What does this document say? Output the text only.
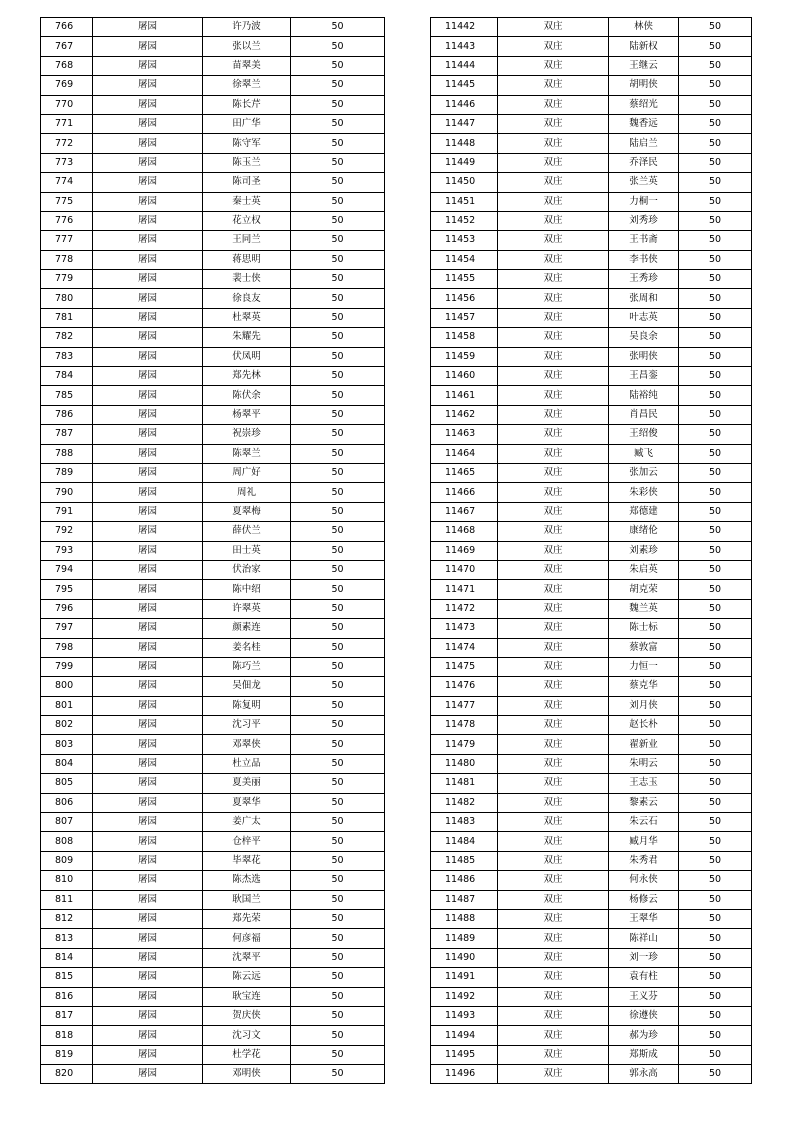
766	屠园	许乃波	50
767	屠园	张以兰	50
768	屠园	苗翠美	50
769	屠园	徐翠兰	50
770	屠园	陈长芹	50
771	屠园	田广华	50
772	屠园	陈守军	50
773	屠园	陈玉兰	50
774	屠园	陈司圣	50
775	屠园	秦士英	50
776	屠园	花立权	50
777	屠园	王同兰	50
778	屠园	蒋思明	50
779	屠园	裴士侠	50
780	屠园	徐良友	50
781	屠园	杜翠英	50
782	屠园	朱耀先	50
783	屠园	伏凤明	50
784	屠园	郑先林	50
785	屠园	陈伏余	50
786	屠园	杨翠平	50
787	屠园	祝崇珍	50
788	屠园	陈翠兰	50
789	屠园	周广好	50
790	屠园	周礼	50
791	屠园	夏翠梅	50
792	屠园	薛伏兰	50
793	屠园	田士英	50
794	屠园	伏治家	50
795	屠园	陈中绍	50
796	屠园	许翠英	50
797	屠园	颜素连	50
798	屠园	姜名桂	50
799	屠园	陈巧兰	50
800	屠园	吴佃龙	50
801	屠园	陈复明	50
802	屠园	沈习平	50
803	屠园	邓翠侠	50
804	屠园	杜立品	50
805	屠园	夏美丽	50
806	屠园	夏翠华	50
807	屠园	姜广太	50
808	屠园	仓梓平	50
809	屠园	毕翠花	50
810	屠园	陈杰选	50
811	屠园	耿国兰	50
812	屠园	郑先荣	50
813	屠园	何彦福	50
814	屠园	沈翠平	50
815	屠园	陈云远	50
816	屠园	耿宝连	50
817	屠园	贺庆侠	50
818	屠园	沈习文	50
819	屠园	杜学花	50
820	屠园	邓明侠	50
11442	双庄	林侠	50
11443	双庄	陆新权	50
11444	双庄	王继云	50
11445	双庄	胡明侠	50
11446	双庄	蔡绍光	50
11447	双庄	魏香远	50
11448	双庄	陆启兰	50
11449	双庄	乔泽民	50
11450	双庄	张兰英	50
11451	双庄	力桐一	50
11452	双庄	刘秀珍	50
11453	双庄	王书斋	50
11454	双庄	李书侠	50
11455	双庄	王秀珍	50
11456	双庄	张周和	50
11457	双庄	叶志英	50
11458	双庄	吴良余	50
11459	双庄	张明侠	50
11460	双庄	王昌銮	50
11461	双庄	陆裕纯	50
11462	双庄	肖昌民	50
11463	双庄	王绍俊	50
11464	双庄	臧飞	50
11465	双庄	张加云	50
11466	双庄	朱彩侠	50
11467	双庄	郑德建	50
11468	双庄	康绪伦	50
11469	双庄	刘素珍	50
11470	双庄	朱启英	50
11471	双庄	胡克荣	50
11472	双庄	魏兰英	50
11473	双庄	陈士标	50
11474	双庄	蔡敦富	50
11475	双庄	力恒一	50
11476	双庄	蔡克华	50
11477	双庄	刘月侠	50
11478	双庄	赵长朴	50
11479	双庄	翟新业	50
11480	双庄	朱明云	50
11481	双庄	王志玉	50
11482	双庄	黎素云	50
11483	双庄	朱云石	50
11484	双庄	臧月华	50
11485	双庄	朱秀君	50
11486	双庄	何永侠	50
11487	双庄	杨修云	50
11488	双庄	王翠华	50
11489	双庄	陈祥山	50
11490	双庄	刘一珍	50
11491	双庄	袁有柱	50
11492	双庄	王义芬	50
11493	双庄	徐遵侠	50
11494	双庄	郝为珍	50
11495	双庄	郑斯成	50
11496	双庄	郭永高	50
